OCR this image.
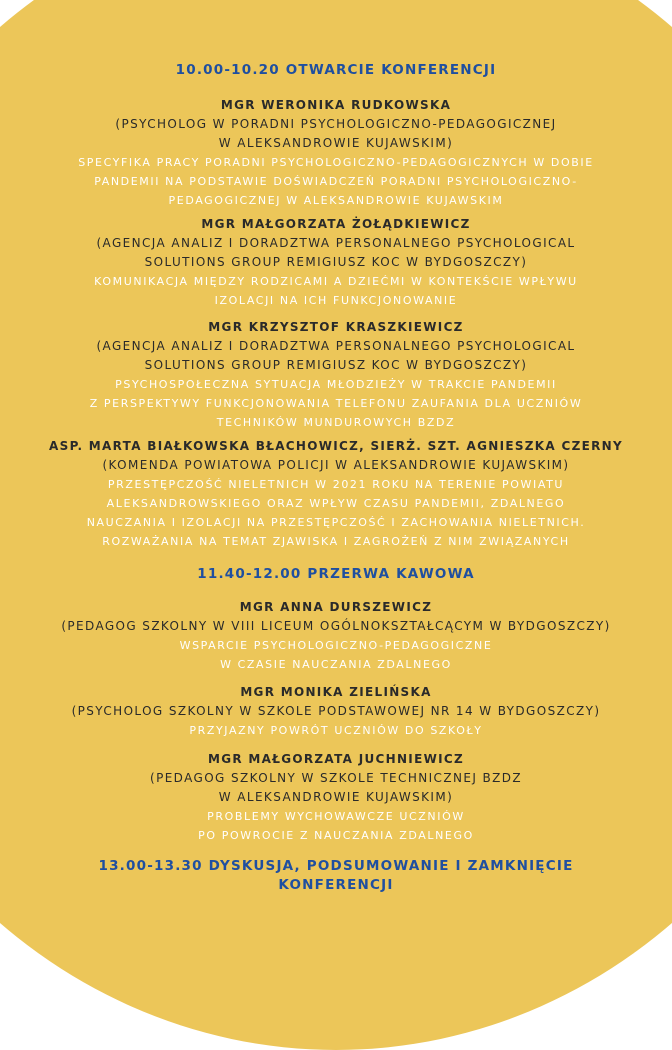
10.00-10.20 OTWARCIE KONFERENCJI
MGR WERONIKA RUDKOWSKA
(PSYCHOLOG W PORADNI PSYCHOLOGICZNO-PEDAGOGICZNEJ
W ALEKSANDROWIE KUJAWSKIM)
SPECYFIKA PRACY PORADNI PSYCHOLOGICZNO-PEDAGOGICZNYCH W DOBIE
PANDEMII NA PODSTAWIE DOŚWIADCZEŃ PORADNI PSYCHOLOGICZNO-
PEDAGOGICZNEJ W ALEKSANDROWIE KUJAWSKIM
MGR MAŁGORZATA ŻOŁĄDKIEWICZ
(AGENCJA ANALIZ I DORADZTWA PERSONALNEGO PSYCHOLOGICAL
SOLUTIONS GROUP REMIGIUSZ KOC W BYDGOSZCZY)
KOMUNIKACJA MIĘDZY RODZICAMI A DZIEĆMI W KONTEKŚCIE WPŁYWU
IZOLACJI NA ICH FUNKCJONOWANIE
MGR KRZYSZTOF KRASZKIEWICZ
(AGENCJA ANALIZ I DORADZTWA PERSONALNEGO PSYCHOLOGICAL
SOLUTIONS GROUP REMIGIUSZ KOC W BYDGOSZCZY)
PSYCHOSPOŁECZNA SYTUACJA MŁODZIEŻY W TRAKCIE PANDEMII
Z PERSPEKTYWY FUNKCJONOWANIA TELEFONU ZAUFANIA DLA UCZNIÓW
TECHNIKÓW MUNDUROWYCH BZDZ
ASP. MARTA BIAŁKOWSKA BŁACHOWICZ, SIERŻ. SZT. AGNIESZKA CZERNY
(KOMENDA POWIATOWA POLICJI W ALEKSANDROWIE KUJAWSKIM)
PRZESTĘPCZOŚĆ NIELETNICH W 2021 ROKU NA TERENIE POWIATU
ALEKSANDROWSKIEGO ORAZ WPŁYW CZASU PANDEMII, ZDALNEGO
NAUCZANIA I IZOLACJI NA PRZESTĘPCZOŚĆ I ZACHOWANIA NIELETNICH.
ROZWAŻANIA NA TEMAT ZJAWISKA I ZAGROŻEŃ Z NIM ZWIĄZANYCH
11.40-12.00 PRZERWA KAWOWA
MGR ANNA DURSZEWICZ
(PEDAGOG SZKOLNY W VIII LICEUM OGÓLNOKSZTAŁCĄCYM W BYDGOSZCZY)
WSPARCIE PSYCHOLOGICZNO-PEDAGOGICZNE
W CZASIE NAUCZANIA ZDALNEGO
MGR MONIKA ZIELIŃSKA
(PSYCHOLOG SZKOLNY W SZKOLE PODSTAWOWEJ NR 14 W BYDGOSZCZY)
PRZYJAZNY POWRÓT UCZNIÓW DO SZKOŁY
MGR MAŁGORZATA JUCHNIEWICZ
(PEDAGOG SZKOLNY W SZKOLE TECHNICZNEJ BZDZ
W ALEKSANDROWIE KUJAWSKIM)
PROBLEMY WYCHOWAWCZE UCZNIÓW
PO POWROCIE Z NAUCZANIA ZDALNEGO
13.00-13.30 DYSKUSJA, PODSUMOWANIE I ZAMKNIĘCIE
KONFERENCJI
